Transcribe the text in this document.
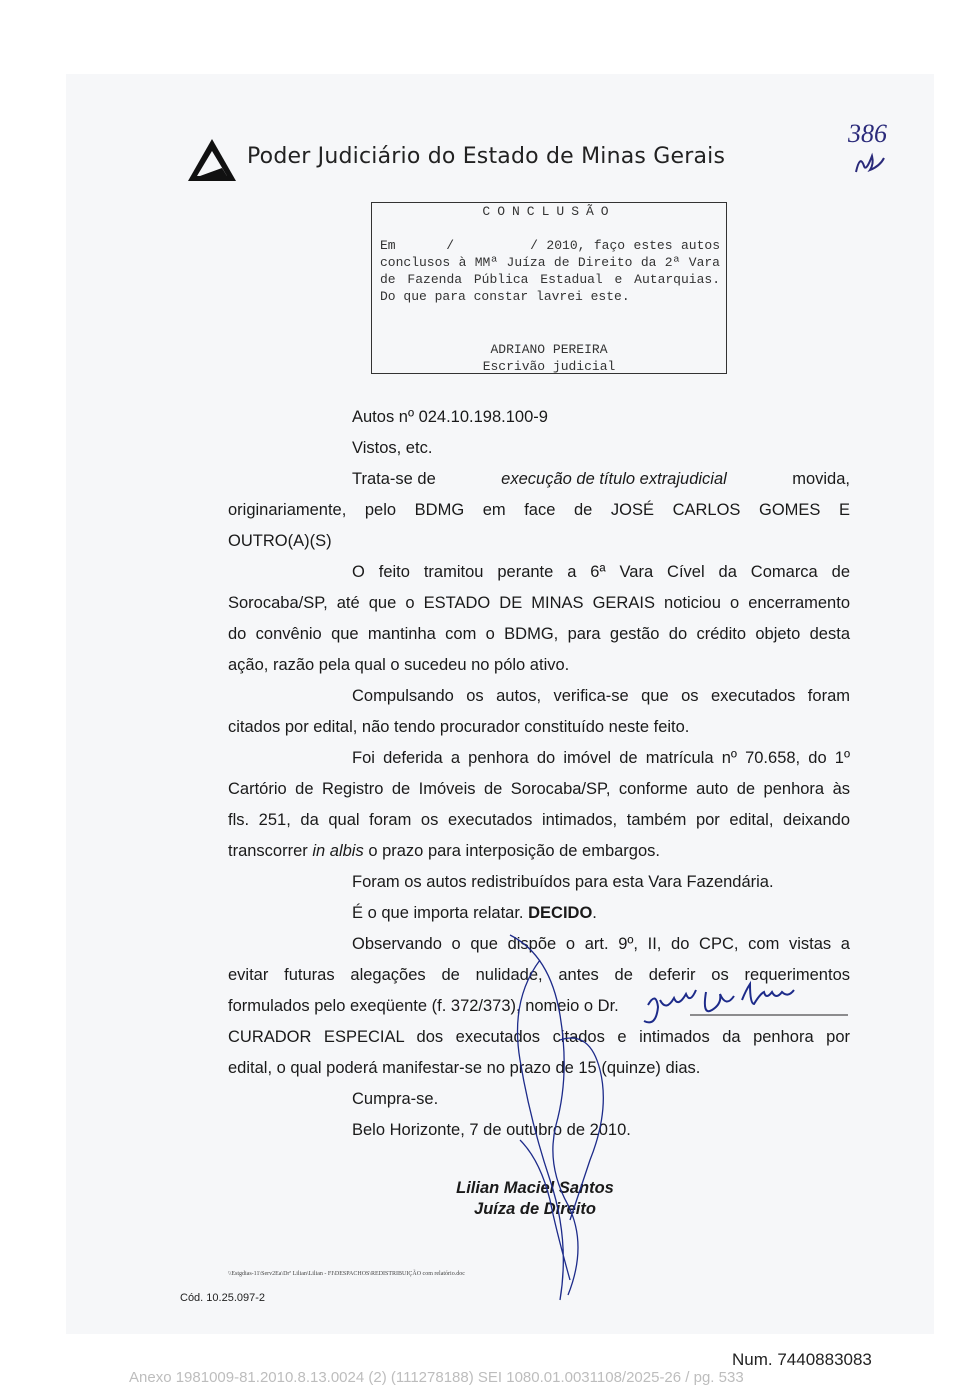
Poder Judiciário do Estado de Minas Gerais
386
CONCLUSÃO
Em      /         / 2010, faço estes autos conclusos à MMª Juíza de Direito da 2ª Vara de Fazenda Pública Estadual e Autarquias. Do que para constar lavrei este.
ADRIANO PEREIRA
Escrivão judicial
Autos nº 024.10.198.100-9
Vistos, etc.
Trata-se de	execução de título extrajudicial	movida,
originariamente, pelo BDMG em face de JOSÉ CARLOS GOMES E
OUTRO(A)(S)
O feito tramitou perante a 6ª Vara Cível da Comarca de
Sorocaba/SP, até que o ESTADO DE MINAS GERAIS noticiou o encerramento
do convênio que mantinha com o BDMG, para gestão do crédito objeto desta
ação, razão pela qual o sucedeu no pólo ativo.
Compulsando os autos, verifica-se que os executados foram
citados por edital, não tendo procurador constituído neste feito.
Foi deferida a penhora do imóvel de matrícula nº 70.658, do 1º
Cartório de Registro de Imóveis de Sorocaba/SP, conforme auto de penhora às
fls. 251, da qual foram os executados intimados, também por edital, deixando
transcorrer in albis o prazo para interposição de embargos.
Foram os autos redistribuídos para esta Vara Fazendária.
É o que importa relatar. DECIDO.
Observando o que dispõe o art. 9º, II, do CPC, com vistas a
evitar futuras alegações de nulidade, antes de deferir os requerimentos
formulados pelo exeqüente (f. 372/373), nomeio o Dr.
CURADOR ESPECIAL dos executados citados e intimados da penhora por
edital, o qual poderá manifestar-se no prazo de 15 (quinze) dias.
Cumpra-se.
Belo Horizonte, 7 de outubro de 2010.
Lilian Maciel Santos
Juíza de Direito
\\Estgdias-11\Serv2Ea\Drª Lilian\Lilian - FI\DESPACHOS\REDISTRIBUIÇÃO com relatório.doc
Cód. 10.25.097-2
Num. 7440883083
Anexo 1981009-81.2010.8.13.0024 (2) (111278188) SEI 1080.01.0031108/2025-26 / pg. 533
